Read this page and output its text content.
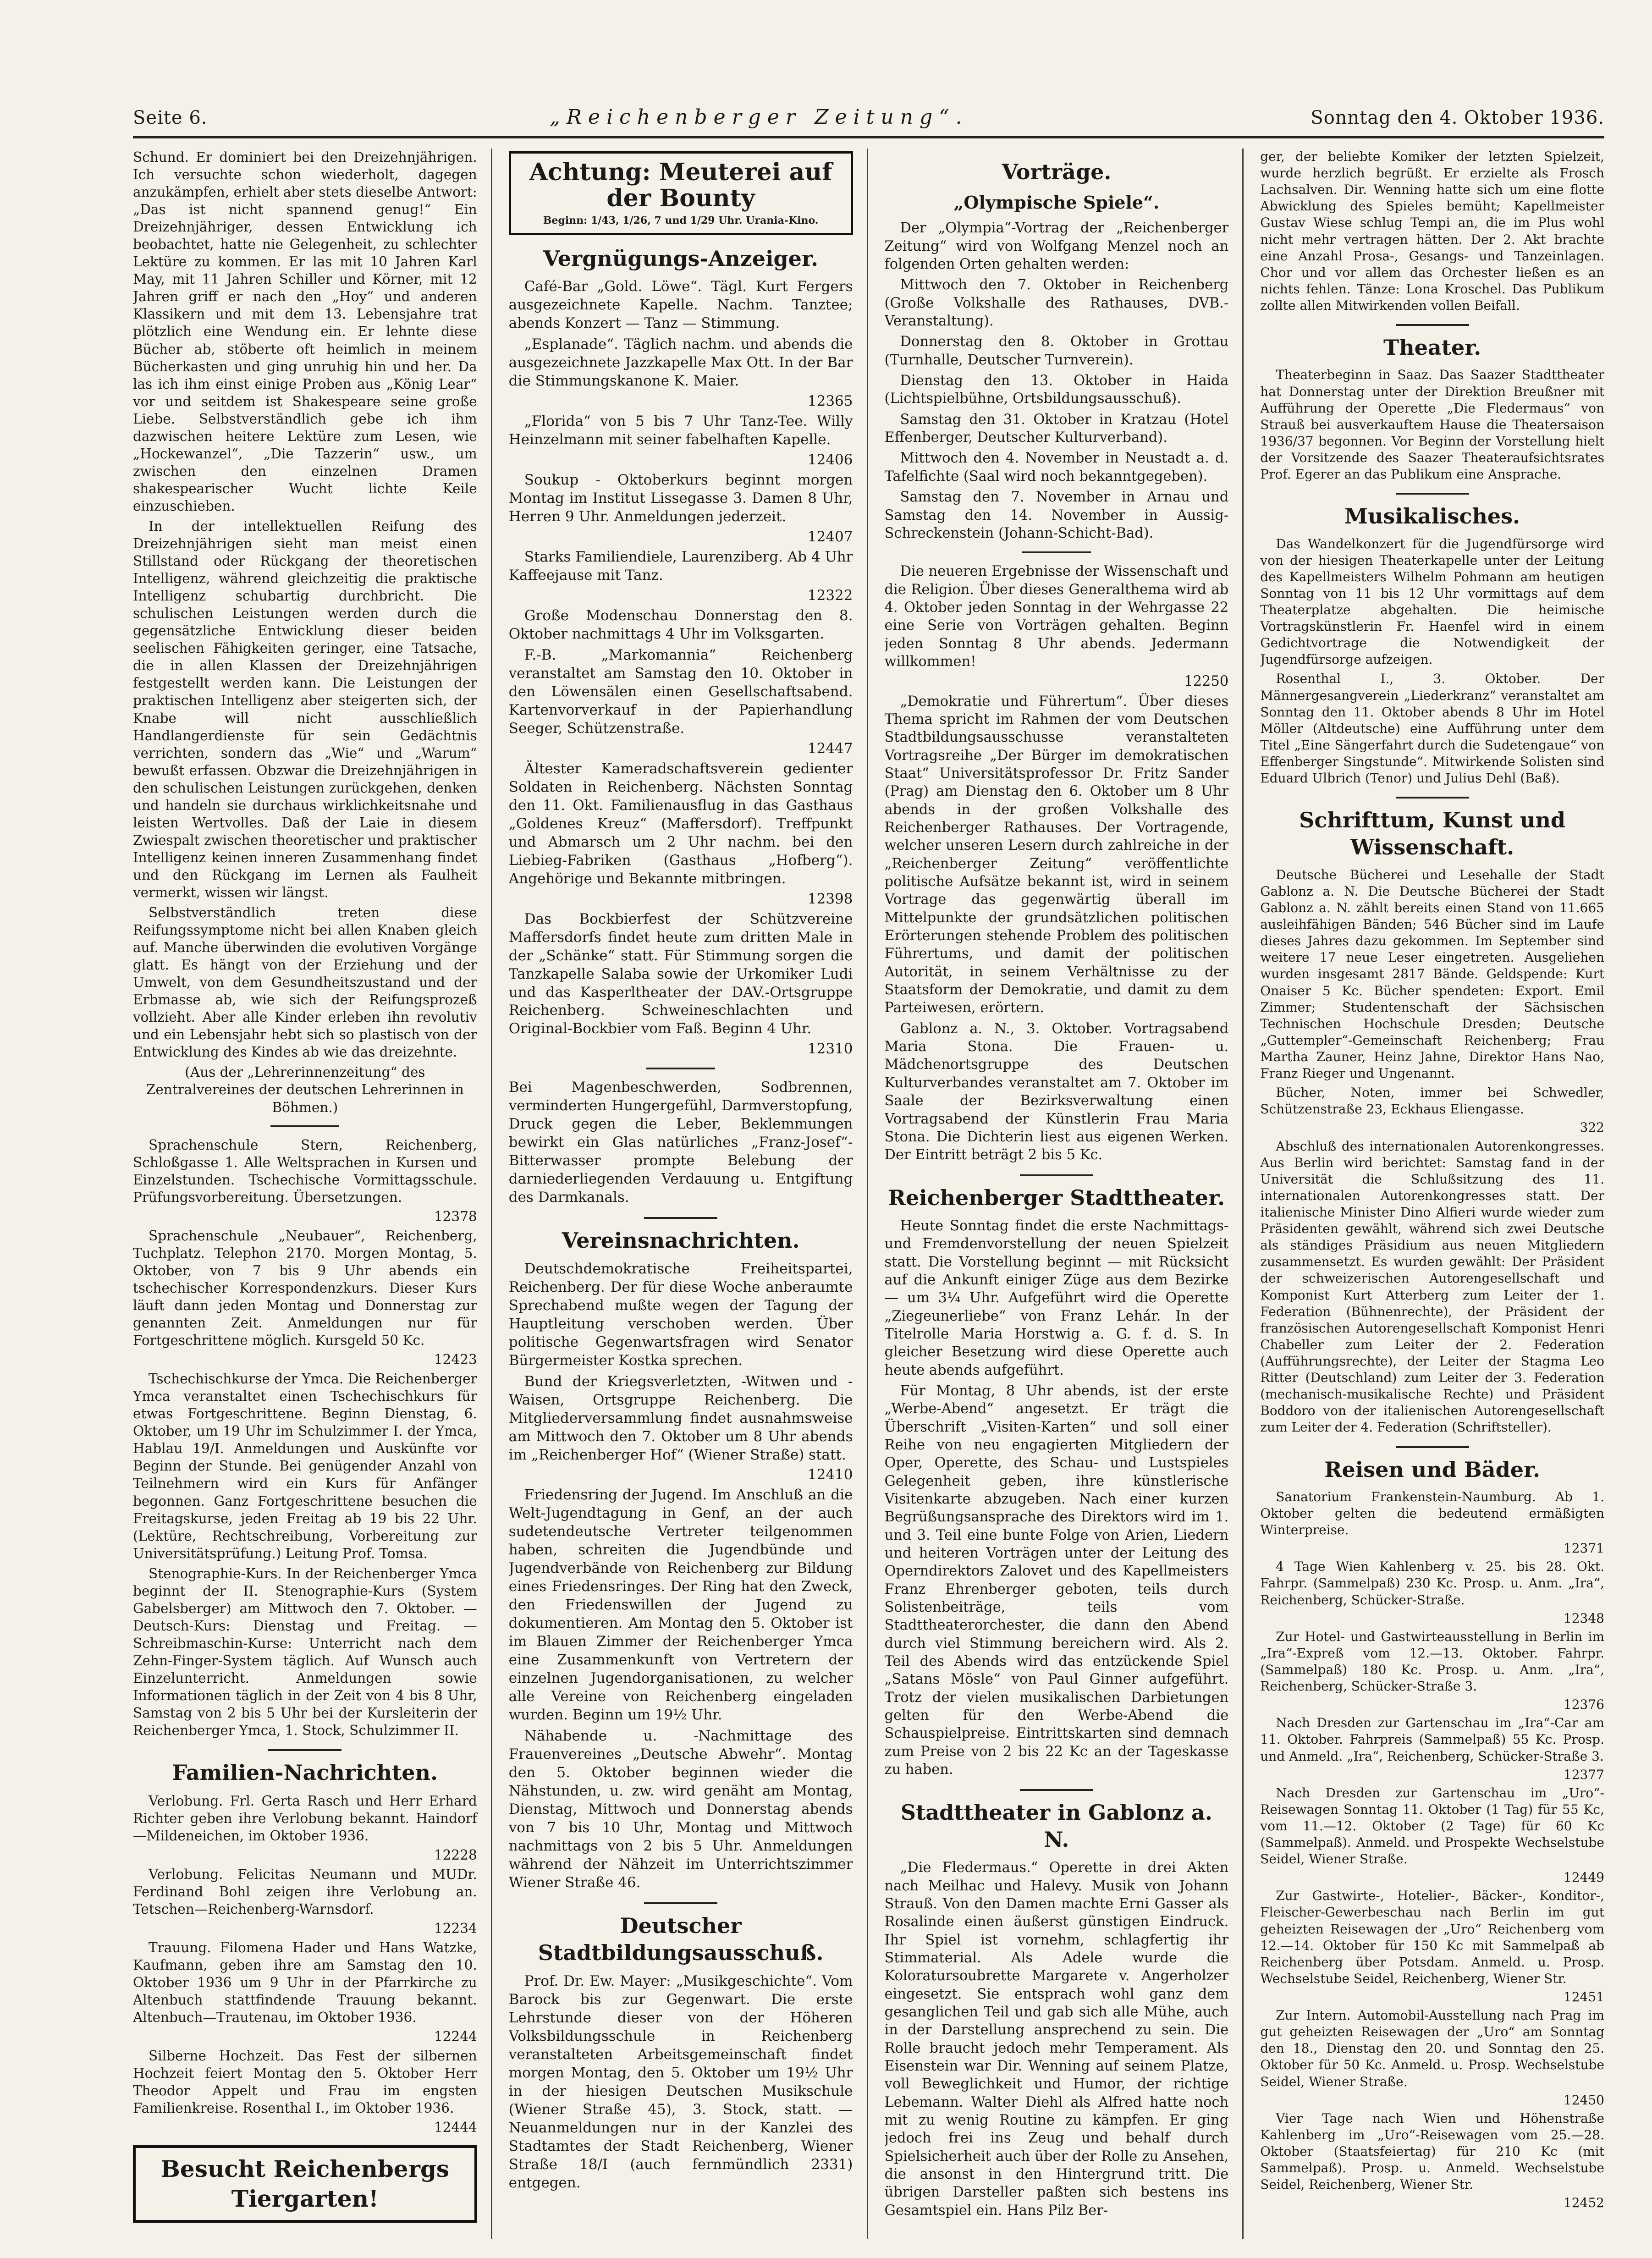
Seite 6.	„Reichenberger Zeitung“.	Sonntag den 4. Oktober 1936.

Schund. Er dominiert bei den Dreizehnjährigen. Ich versuchte schon wiederholt, dagegen anzukämpfen, erhielt aber stets dieselbe Antwort: „Das ist nicht spannend genug!“ Ein Dreizehnjähriger, dessen Entwicklung ich beobachtet, hatte nie Gelegenheit, zu schlechter Lektüre zu kommen. Er las mit 10 Jahren Karl May, mit 11 Jahren Schiller und Körner, mit 12 Jahren griff er nach den „Hoy“ und anderen Klassikern und mit dem 13. Lebensjahre trat plötzlich eine Wendung ein. Er lehnte diese Bücher ab, stöberte oft heimlich in meinem Bücherkasten und ging unruhig hin und her. Da las ich ihm einst einige Proben aus „König Lear“ vor und seitdem ist Shakespeare seine große Liebe. Selbstverständlich gebe ich ihm dazwischen heitere Lektüre zum Lesen, wie „Hockewanzel“, „Die Tazzerin“ usw., um zwischen den einzelnen Dramen shakespearischer Wucht lichte Keile einzuschieben.

In der intellektuellen Reifung des Dreizehnjährigen sieht man meist einen Stillstand oder Rückgang der theoretischen Intelligenz, während gleichzeitig die praktische Intelligenz schubartig durchbricht. Die schulischen Leistungen werden durch die gegensätzliche Entwicklung dieser beiden seelischen Fähigkeiten geringer, eine Tatsache, die in allen Klassen der Dreizehnjährigen festgestellt werden kann. Die Leistungen der praktischen Intelligenz aber steigerten sich, der Knabe will nicht ausschließlich Handlangerdienste für sein Gedächtnis verrichten, sondern das „Wie“ und „Warum“ bewußt erfassen. Obzwar die Dreizehnjährigen in den schulischen Leistungen zurückgehen, denken und handeln sie durchaus wirklichkeitsnahe und leisten Wertvolles. Daß der Laie in diesem Zwiespalt zwischen theoretischer und praktischer Intelligenz keinen inneren Zusammenhang findet und den Rückgang im Lernen als Faulheit vermerkt, wissen wir längst.

Selbstverständlich treten diese Reifungssymptome nicht bei allen Knaben gleich auf. Manche überwinden die evolutiven Vorgänge glatt. Es hängt von der Erziehung und der Umwelt, von dem Gesundheitszustand und der Erbmasse ab, wie sich der Reifungsprozeß vollzieht. Aber alle Kinder erleben ihn revolutiv und ein Lebensjahr hebt sich so plastisch von der Entwicklung des Kindes ab wie das dreizehnte.

(Aus der „Lehrerinnenzeitung“ des Zentralvereines der deutschen Lehrerinnen in Böhmen.)

Sprachenschule Stern, Reichenberg, Schloßgasse 1. Alle Weltsprachen in Kursen und Einzelstunden. Tschechische Vormittagsschule. Prüfungsvorbereitung. Übersetzungen.

12378

Sprachenschule „Neubauer“, Reichenberg, Tuchplatz. Telephon 2170. Morgen Montag, 5. Oktober, von 7 bis 9 Uhr abends ein tschechischer Korrespondenzkurs. Dieser Kurs läuft dann jeden Montag und Donnerstag zur genannten Zeit. Anmeldungen nur für Fortgeschrittene möglich. Kursgeld 50 Kc.

12423

Tschechischkurse der Ymca. Die Reichenberger Ymca veranstaltet einen Tschechischkurs für etwas Fortgeschrittene. Beginn Dienstag, 6. Oktober, um 19 Uhr im Schulzimmer I. der Ymca, Hablau 19/I. Anmeldungen und Auskünfte vor Beginn der Stunde. Bei genügender Anzahl von Teilnehmern wird ein Kurs für Anfänger begonnen. Ganz Fortgeschrittene besuchen die Freitagskurse, jeden Freitag ab 19 bis 22 Uhr. (Lektüre, Rechtschreibung, Vorbereitung zur Universitätsprüfung.) Leitung Prof. Tomsa.

Stenographie-Kurs. In der Reichenberger Ymca beginnt der II. Stenographie-Kurs (System Gabelsberger) am Mittwoch den 7. Oktober. — Deutsch-Kurs: Dienstag und Freitag. — Schreibmaschin-Kurse: Unterricht nach dem Zehn-Finger-System täglich. Auf Wunsch auch Einzelunterricht. Anmeldungen sowie Informationen täglich in der Zeit von 4 bis 8 Uhr, Samstag von 2 bis 5 Uhr bei der Kursleiterin der Reichenberger Ymca, 1. Stock, Schulzimmer II.

Familien-Nachrichten.

Verlobung. Frl. Gerta Rasch und Herr Erhard Richter geben ihre Verlobung bekannt. Haindorf—Mildeneichen, im Oktober 1936.

12228

Verlobung. Felicitas Neumann und MUDr. Ferdinand Bohl zeigen ihre Verlobung an. Tetschen—Reichenberg-Warnsdorf.

12234

Trauung. Filomena Hader und Hans Watzke, Kaufmann, geben ihre am Samstag den 10. Oktober 1936 um 9 Uhr in der Pfarrkirche zu Altenbuch stattfindende Trauung bekannt. Altenbuch—Trautenau, im Oktober 1936.

12244

Silberne Hochzeit. Das Fest der silbernen Hochzeit feiert Montag den 5. Oktober Herr Theodor Appelt und Frau im engsten Familienkreise. Rosenthal I., im Oktober 1936.

12444
Besucht Reichenbergs Tiergarten!
Achtung: Meuterei auf der Bounty
Beginn: 1/43, 1/26, 7 und 1/29 Uhr. Urania-Kino.
Vergnügungs-Anzeiger.

Café-Bar „Gold. Löwe“. Tägl. Kurt Fergers ausgezeichnete Kapelle. Nachm. Tanztee; abends Konzert — Tanz — Stimmung.

„Esplanade“. Täglich nachm. und abends die ausgezeichnete Jazzkapelle Max Ott. In der Bar die Stimmungskanone K. Maier.

12365

„Florida“ von 5 bis 7 Uhr Tanz-Tee. Willy Heinzelmann mit seiner fabelhaften Kapelle.

12406

Soukup - Oktoberkurs beginnt morgen Montag im Institut Lissegasse 3. Damen 8 Uhr, Herren 9 Uhr. Anmeldungen jederzeit.

12407

Starks Familiendiele, Laurenziberg. Ab 4 Uhr Kaffeejause mit Tanz.

12322

Große Modenschau Donnerstag den 8. Oktober nachmittags 4 Uhr im Volksgarten.

F.-B. „Markomannia“ Reichenberg veranstaltet am Samstag den 10. Oktober in den Löwensälen einen Gesellschaftsabend. Kartenvorverkauf in der Papierhandlung Seeger, Schützenstraße.

12447

Ältester Kameradschaftsverein gedienter Soldaten in Reichenberg. Nächsten Sonntag den 11. Okt. Familienausflug in das Gasthaus „Goldenes Kreuz“ (Maffersdorf). Treffpunkt und Abmarsch um 2 Uhr nachm. bei den Liebieg-Fabriken (Gasthaus „Hofberg“). Angehörige und Bekannte mitbringen.

12398

Das Bockbierfest der Schützvereine Maffersdorfs findet heute zum dritten Male in der „Schänke“ statt. Für Stimmung sorgen die Tanzkapelle Salaba sowie der Urkomiker Ludi und das Kasperltheater der DAV.-Ortsgruppe Reichenberg. Schweineschlachten und Original-Bockbier vom Faß. Beginn 4 Uhr.

12310

Bei Magenbeschwerden, Sodbrennen, verminderten Hungergefühl, Darmverstopfung, Druck gegen die Leber, Beklemmungen bewirkt ein Glas natürliches „Franz-Josef“-Bitterwasser prompte Belebung der darniederliegenden Verdauung u. Entgiftung des Darmkanals.

Vereinsnachrichten.

Deutschdemokratische Freiheitspartei, Reichenberg. Der für diese Woche anberaumte Sprechabend mußte wegen der Tagung der Hauptleitung verschoben werden. Über politische Gegenwartsfragen wird Senator Bürgermeister Kostka sprechen.

Bund der Kriegsverletzten, -Witwen und -Waisen, Ortsgruppe Reichenberg. Die Mitgliederversammlung findet ausnahmsweise am Mittwoch den 7. Oktober um 8 Uhr abends im „Reichenberger Hof“ (Wiener Straße) statt.

12410

Friedensring der Jugend. Im Anschluß an die Welt-Jugendtagung in Genf, an der auch sudetendeutsche Vertreter teilgenommen haben, schreiten die Jugendbünde und Jugendverbände von Reichenberg zur Bildung eines Friedensringes. Der Ring hat den Zweck, den Friedenswillen der Jugend zu dokumentieren. Am Montag den 5. Oktober ist im Blauen Zimmer der Reichenberger Ymca eine Zusammenkunft von Vertretern der einzelnen Jugendorganisationen, zu welcher alle Vereine von Reichenberg eingeladen wurden. Beginn um 19½ Uhr.

Nähabende u. -Nachmittage des Frauenvereines „Deutsche Abwehr“. Montag den 5. Oktober beginnen wieder die Nähstunden, u. zw. wird genäht am Montag, Dienstag, Mittwoch und Donnerstag abends von 7 bis 10 Uhr, Montag und Mittwoch nachmittags von 2 bis 5 Uhr. Anmeldungen während der Nähzeit im Unterrichtszimmer Wiener Straße 46.

Deutscher Stadtbildungsausschuß.

Prof. Dr. Ew. Mayer: „Musikgeschichte“. Vom Barock bis zur Gegenwart. Die erste Lehrstunde dieser von der Höheren Volksbildungsschule in Reichenberg veranstalteten Arbeitsgemeinschaft findet morgen Montag, den 5. Oktober um 19½ Uhr in der hiesigen Deutschen Musikschule (Wiener Straße 45), 3. Stock, statt. — Neuanmeldungen nur in der Kanzlei des Stadtamtes der Stadt Reichenberg, Wiener Straße 18/I (auch fernmündlich 2331) entgegen.

Vorträge.
„Olympische Spiele“.

Der „Olympia“-Vortrag der „Reichenberger Zeitung“ wird von Wolfgang Menzel noch an folgenden Orten gehalten werden:

Mittwoch den 7. Oktober in Reichenberg (Große Volkshalle des Rathauses, DVB.-Veranstaltung).

Donnerstag den 8. Oktober in Grottau (Turnhalle, Deutscher Turnverein).

Dienstag den 13. Oktober in Haida (Lichtspielbühne, Ortsbildungsausschuß).

Samstag den 31. Oktober in Kratzau (Hotel Effenberger, Deutscher Kulturverband).

Mittwoch den 4. November in Neustadt a. d. Tafelfichte (Saal wird noch bekanntgegeben).

Samstag den 7. November in Arnau und Samstag den 14. November in Aussig-Schreckenstein (Johann-Schicht-Bad).

Die neueren Ergebnisse der Wissenschaft und die Religion. Über dieses Generalthema wird ab 4. Oktober jeden Sonntag in der Wehrgasse 22 eine Serie von Vorträgen gehalten. Beginn jeden Sonntag 8 Uhr abends. Jedermann willkommen!

12250

„Demokratie und Führertum“. Über dieses Thema spricht im Rahmen der vom Deutschen Stadtbildungsausschusse veranstalteten Vortragsreihe „Der Bürger im demokratischen Staat“ Universitätsprofessor Dr. Fritz Sander (Prag) am Dienstag den 6. Oktober um 8 Uhr abends in der großen Volkshalle des Reichenberger Rathauses. Der Vortragende, welcher unseren Lesern durch zahlreiche in der „Reichenberger Zeitung“ veröffentlichte politische Aufsätze bekannt ist, wird in seinem Vortrage das gegenwärtig überall im Mittelpunkte der grundsätzlichen politischen Erörterungen stehende Problem des politischen Führertums, und damit der politischen Autorität, in seinem Verhältnisse zu der Staatsform der Demokratie, und damit zu dem Parteiwesen, erörtern.

Gablonz a. N., 3. Oktober. Vortragsabend Maria Stona. Die Frauen- u. Mädchenortsgruppe des Deutschen Kulturverbandes veranstaltet am 7. Oktober im Saale der Bezirksverwaltung einen Vortragsabend der Künstlerin Frau Maria Stona. Die Dichterin liest aus eigenen Werken. Der Eintritt beträgt 2 bis 5 Kc.

Reichenberger Stadttheater.

Heute Sonntag findet die erste Nachmittags- und Fremdenvorstellung der neuen Spielzeit statt. Die Vorstellung beginnt — mit Rücksicht auf die Ankunft einiger Züge aus dem Bezirke — um 3¼ Uhr. Aufgeführt wird die Operette „Ziegeunerliebe“ von Franz Lehár. In der Titelrolle Maria Horstwig a. G. f. d. S. In gleicher Besetzung wird diese Operette auch heute abends aufgeführt.

Für Montag, 8 Uhr abends, ist der erste „Werbe-Abend“ angesetzt. Er trägt die Überschrift „Visiten-Karten“ und soll einer Reihe von neu engagierten Mitgliedern der Oper, Operette, des Schau- und Lustspieles Gelegenheit geben, ihre künstlerische Visitenkarte abzugeben. Nach einer kurzen Begrüßungsansprache des Direktors wird im 1. und 3. Teil eine bunte Folge von Arien, Liedern und heiteren Vorträgen unter der Leitung des Operndirektors Zalovet und des Kapellmeisters Franz Ehrenberger geboten, teils durch Solistenbeiträge, teils vom Stadttheaterorchester, die dann den Abend durch viel Stimmung bereichern wird. Als 2. Teil des Abends wird das entzückende Spiel „Satans Mösle“ von Paul Ginner aufgeführt. Trotz der vielen musikalischen Darbietungen gelten für den Werbe-Abend die Schauspielpreise. Eintrittskarten sind demnach zum Preise von 2 bis 22 Kc an der Tageskasse zu haben.

Stadttheater in Gablonz a. N.

„Die Fledermaus.“ Operette in drei Akten nach Meilhac und Halevy. Musik von Johann Strauß. Von den Damen machte Erni Gasser als Rosalinde einen äußerst günstigen Eindruck. Ihr Spiel ist vornehm, schlagfertig ihr Stimmaterial. Als Adele wurde die Koloratursoubrette Margarete v. Angerholzer eingesetzt. Sie entsprach wohl ganz dem gesanglichen Teil und gab sich alle Mühe, auch in der Darstellung ansprechend zu sein. Die Rolle braucht jedoch mehr Temperament. Als Eisenstein war Dir. Wenning auf seinem Platze, voll Beweglichkeit und Humor, der richtige Lebemann. Walter Diehl als Alfred hatte noch mit zu wenig Routine zu kämpfen. Er ging jedoch frei ins Zeug und behalf durch Spielsicherheit auch über der Rolle zu Ansehen, die ansonst in den Hintergrund tritt. Die übrigen Darsteller paßten sich bestens ins Gesamtspiel ein. Hans Pilz Ber-

ger, der beliebte Komiker der letzten Spielzeit, wurde herzlich begrüßt. Er erzielte als Frosch Lachsalven. Dir. Wenning hatte sich um eine flotte Abwicklung des Spieles bemüht; Kapellmeister Gustav Wiese schlug Tempi an, die im Plus wohl nicht mehr vertragen hätten. Der 2. Akt brachte eine Anzahl Prosa-, Gesangs- und Tanzeinlagen. Chor und vor allem das Orchester ließen es an nichts fehlen. Tänze: Lona Kroschel. Das Publikum zollte allen Mitwirkenden vollen Beifall.

Theater.

Theaterbeginn in Saaz. Das Saazer Stadttheater hat Donnerstag unter der Direktion Breußner mit Aufführung der Operette „Die Fledermaus“ von Strauß bei ausverkauftem Hause die Theatersaison 1936/37 begonnen. Vor Beginn der Vorstellung hielt der Vorsitzende des Saazer Theateraufsichtsrates Prof. Egerer an das Publikum eine Ansprache.

Musikalisches.

Das Wandelkonzert für die Jugendfürsorge wird von der hiesigen Theaterkapelle unter der Leitung des Kapellmeisters Wilhelm Pohmann am heutigen Sonntag von 11 bis 12 Uhr vormittags auf dem Theaterplatze abgehalten. Die heimische Vortragskünstlerin Fr. Haenfel wird in einem Gedichtvortrage die Notwendigkeit der Jugendfürsorge aufzeigen.

Rosenthal I., 3. Oktober. Der Männergesangverein „Liederkranz“ veranstaltet am Sonntag den 11. Oktober abends 8 Uhr im Hotel Möller (Altdeutsche) eine Aufführung unter dem Titel „Eine Sängerfahrt durch die Sudetengaue“ von Effenberger Singstunde“. Mitwirkende Solisten sind Eduard Ulbrich (Tenor) und Julius Dehl (Baß).

Schrifttum, Kunst und Wissenschaft.

Deutsche Bücherei und Lesehalle der Stadt Gablonz a. N. Die Deutsche Bücherei der Stadt Gablonz a. N. zählt bereits einen Stand von 11.665 ausleihfähigen Bänden; 546 Bücher sind im Laufe dieses Jahres dazu gekommen. Im September sind weitere 17 neue Leser eingetreten. Ausgeliehen wurden insgesamt 2817 Bände. Geldspende: Kurt Onaiser 5 Kc. Bücher spendeten: Export. Emil Zimmer; Studentenschaft der Sächsischen Technischen Hochschule Dresden; Deutsche „Guttempler“-Gemeinschaft Reichenberg; Frau Martha Zauner, Heinz Jahne, Direktor Hans Nao, Franz Rieger und Ungenannt.

Bücher, Noten, immer bei Schwedler, Schützenstraße 23, Eckhaus Eliengasse.

322

Abschluß des internationalen Autorenkongresses. Aus Berlin wird berichtet: Samstag fand in der Universität die Schlußsitzung des 11. internationalen Autorenkongresses statt. Der italienische Minister Dino Alfieri wurde wieder zum Präsidenten gewählt, während sich zwei Deutsche als ständiges Präsidium aus neuen Mitgliedern zusammensetzt. Es wurden gewählt: Der Präsident der schweizerischen Autorengesellschaft und Komponist Kurt Atterberg zum Leiter der 1. Federation (Bühnenrechte), der Präsident der französischen Autorengesellschaft Komponist Henri Chabeller zum Leiter der 2. Federation (Aufführungsrechte), der Leiter der Stagma Leo Ritter (Deutschland) zum Leiter der 3. Federation (mechanisch-musikalische Rechte) und Präsident Boddoro von der italienischen Autorengesellschaft zum Leiter der 4. Federation (Schriftsteller).

Reisen und Bäder.

Sanatorium Frankenstein-Naumburg. Ab 1. Oktober gelten die bedeutend ermäßigten Winterpreise.

12371

4 Tage Wien Kahlenberg v. 25. bis 28. Okt. Fahrpr. (Sammelpaß) 230 Kc. Prosp. u. Anm. „Ira“, Reichenberg, Schücker-Straße.

12348

Zur Hotel- und Gastwirteausstellung in Berlin im „Ira“-Expreß vom 12.—13. Oktober. Fahrpr. (Sammelpaß) 180 Kc. Prosp. u. Anm. „Ira“, Reichenberg, Schücker-Straße 3.

12376

Nach Dresden zur Gartenschau im „Ira“-Car am 11. Oktober. Fahrpreis (Sammelpaß) 55 Kc. Prosp. und Anmeld. „Ira“, Reichenberg, Schücker-Straße 3.

12377

Nach Dresden zur Gartenschau im „Uro“-Reisewagen Sonntag 11. Oktober (1 Tag) für 55 Kc, vom 11.—12. Oktober (2 Tage) für 60 Kc (Sammelpaß). Anmeld. und Prospekte Wechselstube Seidel, Wiener Straße.

12449

Zur Gastwirte-, Hotelier-, Bäcker-, Konditor-, Fleischer-Gewerbeschau nach Berlin im gut geheizten Reisewagen der „Uro“ Reichenberg vom 12.—14. Oktober für 150 Kc mit Sammelpaß ab Reichenberg über Potsdam. Anmeld. u. Prosp. Wechselstube Seidel, Reichenberg, Wiener Str.

12451

Zur Intern. Automobil-Ausstellung nach Prag im gut geheizten Reisewagen der „Uro“ am Sonntag den 18., Dienstag den 20. und Sonntag den 25. Oktober für 50 Kc. Anmeld. u. Prosp. Wechselstube Seidel, Wiener Straße.

12450

Vier Tage nach Wien und Höhenstraße Kahlenberg im „Uro“-Reisewagen vom 25.—28. Oktober (Staatsfeiertag) für 210 Kc (mit Sammelpaß). Prosp. u. Anmeld. Wechselstube Seidel, Reichenberg, Wiener Str.

12452
